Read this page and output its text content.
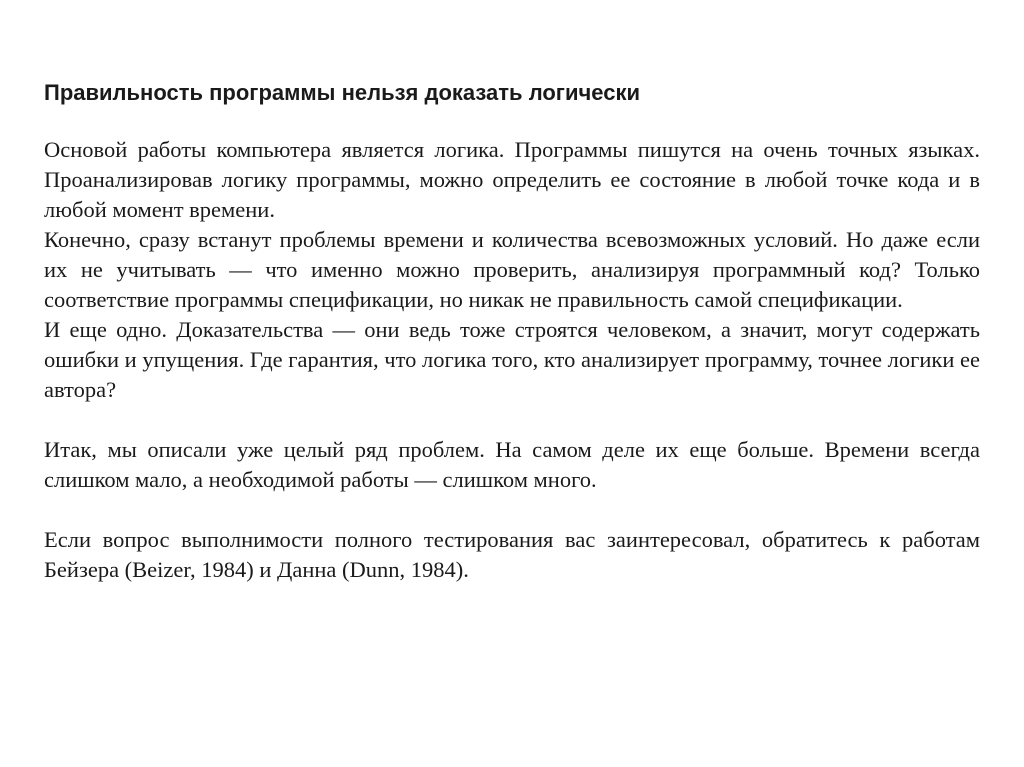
Правильность программы нельзя доказать логически

Основой работы компьютера является логика. Программы пишутся на очень точных языках. Проанализировав логику программы, можно определить ее состояние в любой точке кода и в любой момент времени.

Конечно, сразу встанут проблемы времени и количества всевозможных условий. Но даже если их не учитывать — что именно можно проверить, анализируя программный код? Только соответствие программы спецификации, но никак не правильность самой спецификации.

И еще одно. Доказательства — они ведь тоже строятся человеком, а значит, могут содержать ошибки и упущения. Где гарантия, что логика того, кто анализирует программу, точнее логики ее автора?

Итак, мы описали уже целый ряд проблем. На самом деле их еще больше. Времени всегда слишком мало, а необходимой работы — слишком много.

Если вопрос выполнимости полного тестирования вас заинтересовал, обратитесь к работам Бейзера (Beizer, 1984) и Данна (Dunn, 1984).
